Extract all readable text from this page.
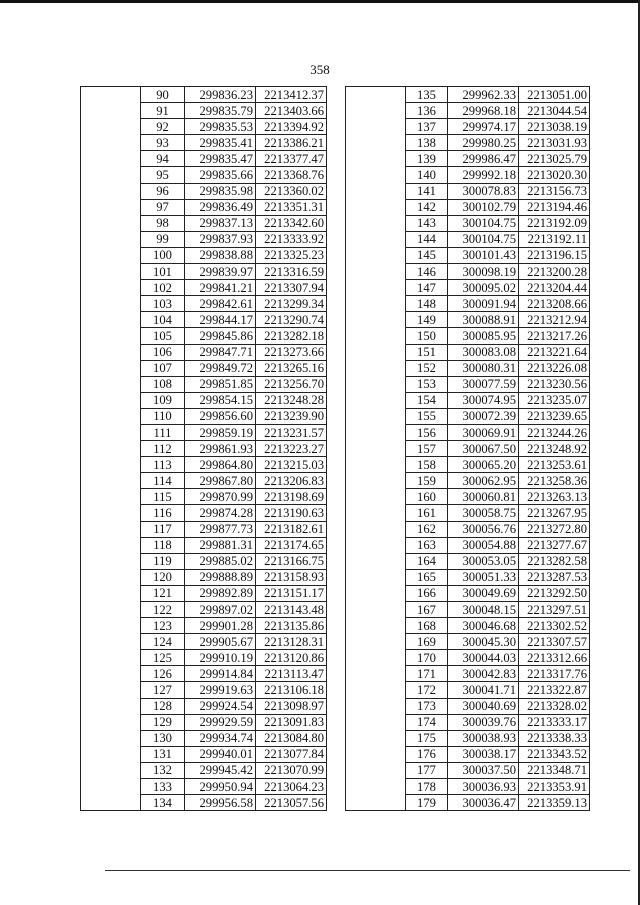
358
	90	299836.23	2213412.37
	91	299835.79	2213403.66
	92	299835.53	2213394.92
	93	299835.41	2213386.21
	94	299835.47	2213377.47
	95	299835.66	2213368.76
	96	299835.98	2213360.02
	97	299836.49	2213351.31
	98	299837.13	2213342.60
	99	299837.93	2213333.92
	100	299838.88	2213325.23
	101	299839.97	2213316.59
	102	299841.21	2213307.94
	103	299842.61	2213299.34
	104	299844.17	2213290.74
	105	299845.86	2213282.18
	106	299847.71	2213273.66
	107	299849.72	2213265.16
	108	299851.85	2213256.70
	109	299854.15	2213248.28
	110	299856.60	2213239.90
	111	299859.19	2213231.57
	112	299861.93	2213223.27
	113	299864.80	2213215.03
	114	299867.80	2213206.83
	115	299870.99	2213198.69
	116	299874.28	2213190.63
	117	299877.73	2213182.61
	118	299881.31	2213174.65
	119	299885.02	2213166.75
	120	299888.89	2213158.93
	121	299892.89	2213151.17
	122	299897.02	2213143.48
	123	299901.28	2213135.86
	124	299905.67	2213128.31
	125	299910.19	2213120.86
	126	299914.84	2213113.47
	127	299919.63	2213106.18
	128	299924.54	2213098.97
	129	299929.59	2213091.83
	130	299934.74	2213084.80
	131	299940.01	2213077.84
	132	299945.42	2213070.99
	133	299950.94	2213064.23
	134	299956.58	2213057.56
	135	299962.33	2213051.00
	136	299968.18	2213044.54
	137	299974.17	2213038.19
	138	299980.25	2213031.93
	139	299986.47	2213025.79
	140	299992.18	2213020.30
	141	300078.83	2213156.73
	142	300102.79	2213194.46
	143	300104.75	2213192.09
	144	300104.75	2213192.11
	145	300101.43	2213196.15
	146	300098.19	2213200.28
	147	300095.02	2213204.44
	148	300091.94	2213208.66
	149	300088.91	2213212.94
	150	300085.95	2213217.26
	151	300083.08	2213221.64
	152	300080.31	2213226.08
	153	300077.59	2213230.56
	154	300074.95	2213235.07
	155	300072.39	2213239.65
	156	300069.91	2213244.26
	157	300067.50	2213248.92
	158	300065.20	2213253.61
	159	300062.95	2213258.36
	160	300060.81	2213263.13
	161	300058.75	2213267.95
	162	300056.76	2213272.80
	163	300054.88	2213277.67
	164	300053.05	2213282.58
	165	300051.33	2213287.53
	166	300049.69	2213292.50
	167	300048.15	2213297.51
	168	300046.68	2213302.52
	169	300045.30	2213307.57
	170	300044.03	2213312.66
	171	300042.83	2213317.76
	172	300041.71	2213322.87
	173	300040.69	2213328.02
	174	300039.76	2213333.17
	175	300038.93	2213338.33
	176	300038.17	2213343.52
	177	300037.50	2213348.71
	178	300036.93	2213353.91
	179	300036.47	2213359.13
